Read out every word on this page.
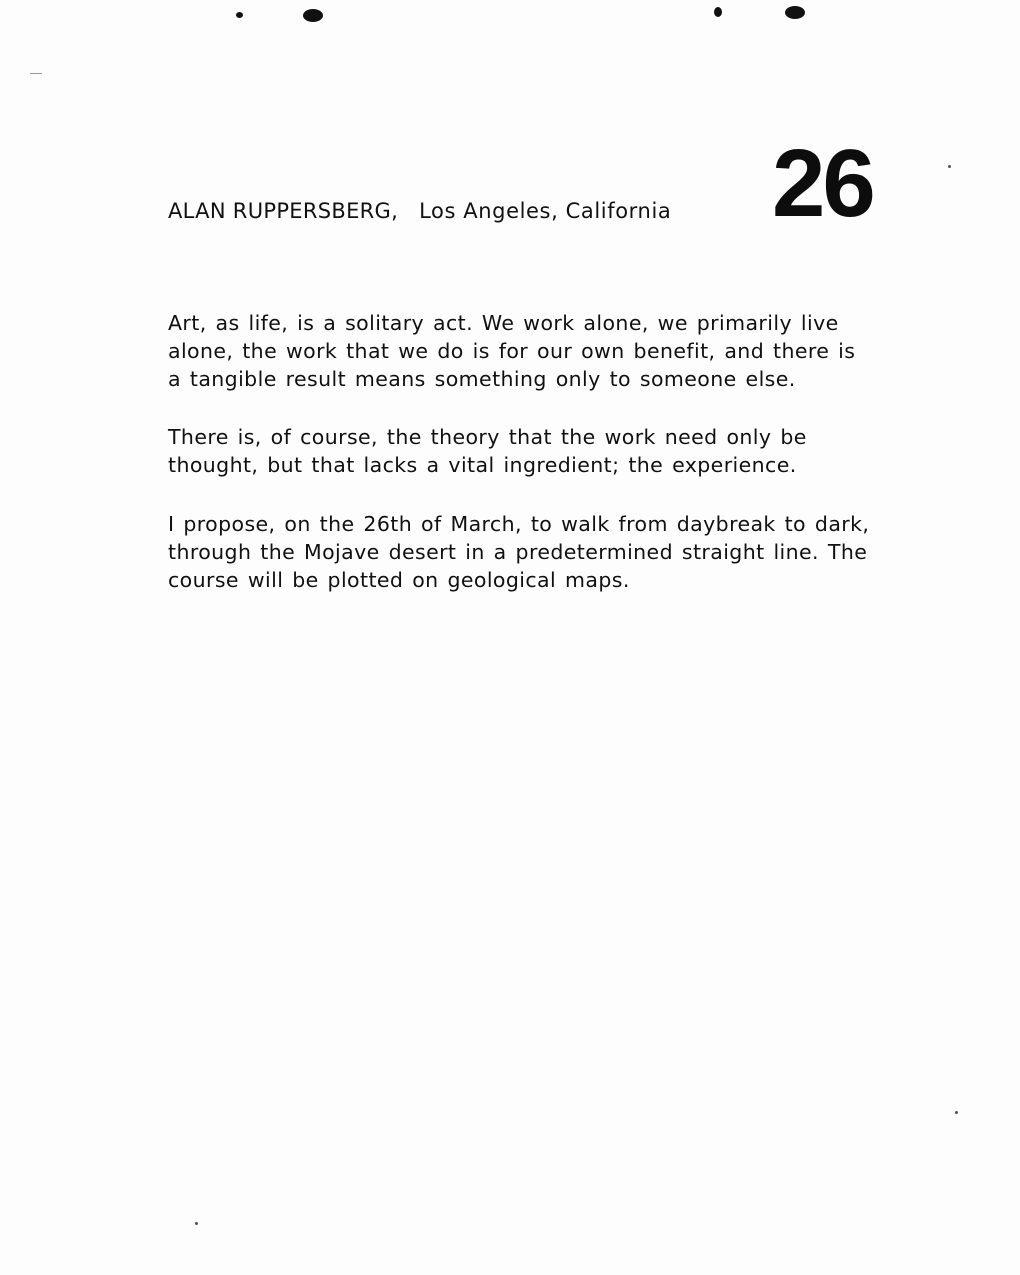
ALAN RUPPERSBERG, Los Angeles, California 26
Art, as life, is a solitary act. We work alone, we primarily live
alone, the work that we do is for our own benefit, and there is
a tangible result means something only to someone else.
There is, of course, the theory that the work need only be
thought, but that lacks a vital ingredient; the experience.
I propose, on the 26th of March, to walk from daybreak to dark,
through the Mojave desert in a predetermined straight line. The
course will be plotted on geological maps.
